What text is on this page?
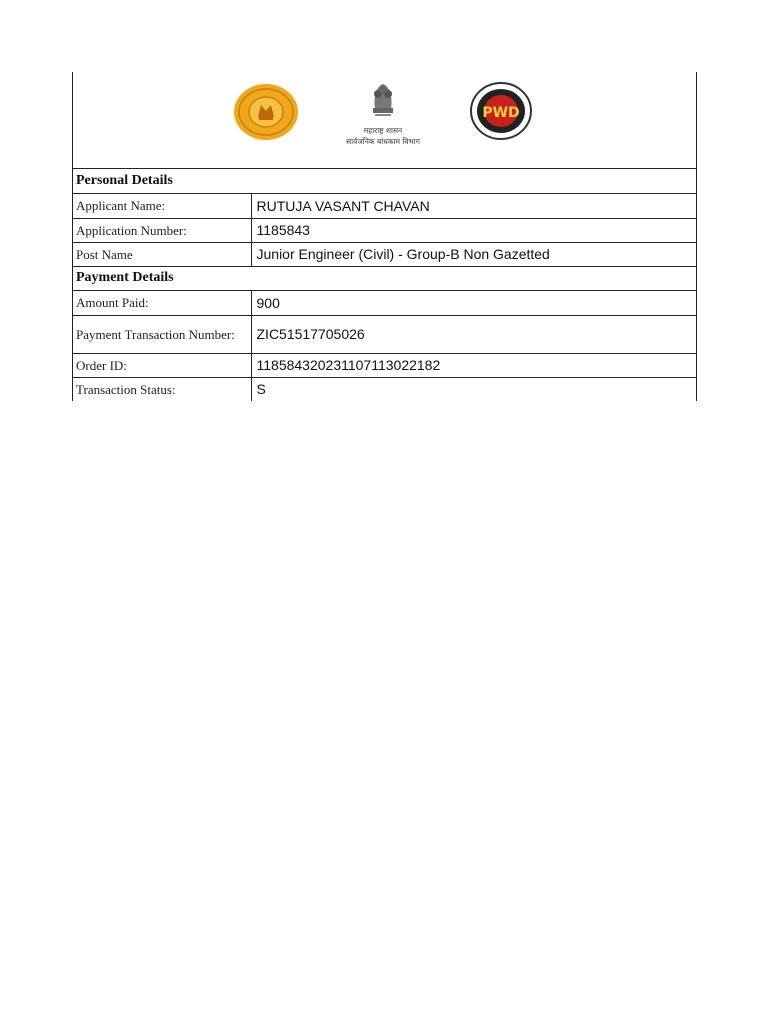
महाराष्ट्र शासन
सार्वजनिक बांधकाम विभाग
PWD
Personal Details	
Applicant Name:	RUTUJA VASANT CHAVAN
Application Number:	1185843
Post Name	Junior Engineer (Civil) - Group-B Non Gazetted
Payment Details	
Amount Paid:	900
Payment Transaction Number:	ZIC51517705026
Order ID:	118584320231107113022182
Transaction Status:	S
